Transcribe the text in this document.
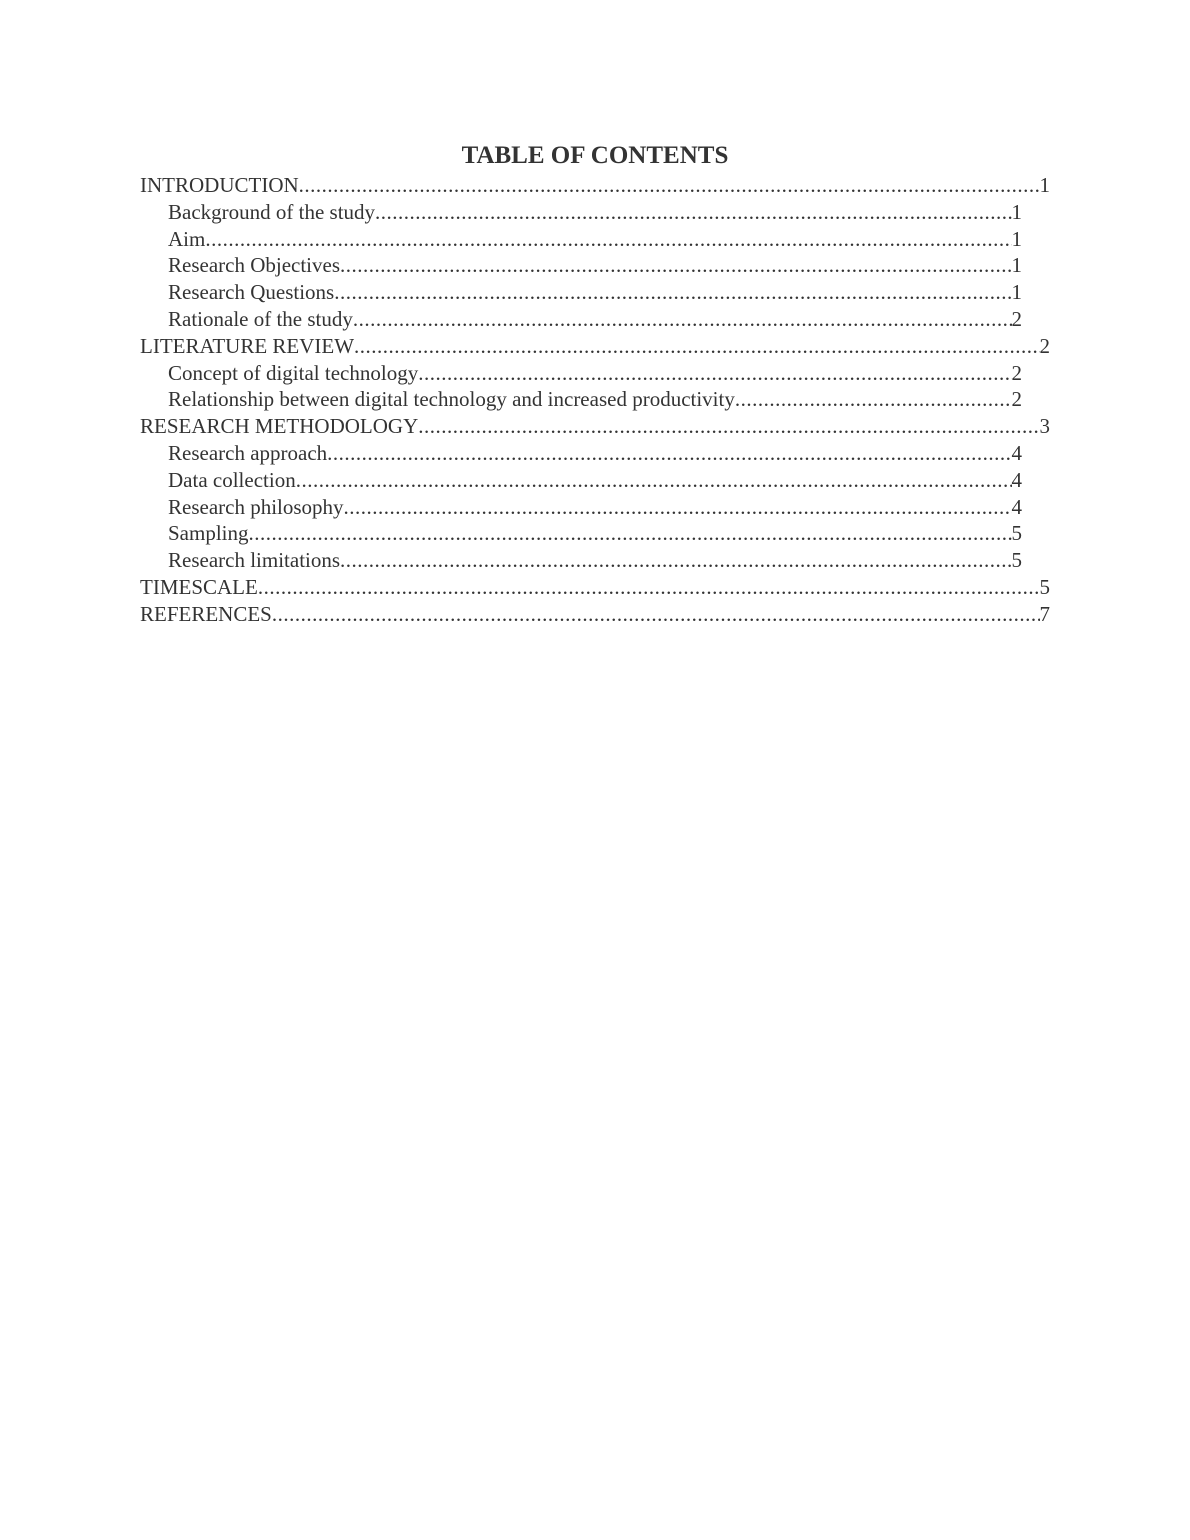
TABLE OF CONTENTS
INTRODUCTION .....	1
Background of the study .....	1
Aim .....	1
Research Objectives .....	1
Research Questions .....	1
Rationale of the study .....	2
LITERATURE REVIEW .....	2
Concept of digital technology .....	2
Relationship between digital technology and increased productivity .....	2
RESEARCH METHODOLOGY .....	3
Research approach .....	4
Data collection .....	4
Research philosophy .....	4
Sampling .....	5
Research limitations .....	5
TIMESCALE .....	5
REFERENCES .....	7
